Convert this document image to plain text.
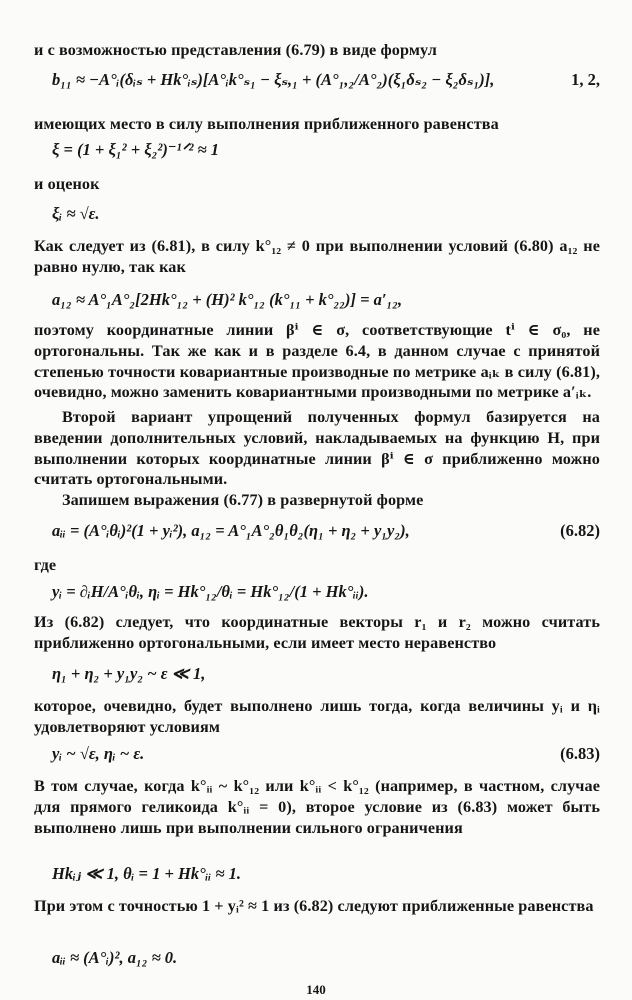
и с возможностью представления (6.79) в виде формул

b₁₁ ≈ −A°ᵢ(δᵢₛ + Hk°ᵢₛ)[A°ᵢk°ₛ₁ − ξₛ,₁ + (A°₁,₂/A°₂)(ξ₁δₛ₂ − ξ₂δₛ₁)],	1, 2,

имеющих место в силу выполнения приближенного равенства

ξ = (1 + ξ₁² + ξ₂²)⁻¹ᐟ² ≈ 1

и оценок

ξᵢ ≈ √ε.

Как следует из (6.81), в силу k°₁₂ ≠ 0 при выполнении условий (6.80) a₁₂ не равно нулю, так как

a₁₂ ≈ A°₁A°₂[2Hk°₁₂ + (H)² k°₁₂ (k°₁₁ + k°₂₂)] = a′₁₂,

поэтому координатные линии βⁱ ∈ σ, соответствующие tⁱ ∈ σ₀, не ортогональны. Так же как и в разделе 6.4, в данном случае с принятой степенью точности ковариантные производные по метрике aᵢₖ в силу (6.81), очевидно, можно заменить ковариантными производными по метрике a′ᵢₖ.

Второй вариант упрощений полученных формул базируется на введении дополнительных условий, накладываемых на функцию H, при выполнении которых координатные линии βⁱ ∈ σ приближенно можно считать ортогональными.

Запишем выражения (6.77) в развернутой форме

aᵢᵢ = (A°ᵢθᵢ)²(1 + yᵢ²), a₁₂ = A°₁A°₂θ₁θ₂(η₁ + η₂ + y₁y₂),	(6.82)

где

yᵢ = ∂ᵢH/A°ᵢθᵢ, ηᵢ = Hk°₁₂/θᵢ = Hk°₁₂/(1 + Hk°ᵢᵢ).

Из (6.82) следует, что координатные векторы r₁ и r₂ можно считать приближенно ортогональными, если имеет место неравенство

η₁ + η₂ + y₁y₂ ~ ε ≪ 1,

которое, очевидно, будет выполнено лишь тогда, когда величины yᵢ и ηᵢ удовлетворяют условиям

yᵢ ~ √ε, ηᵢ ~ ε.	(6.83)

В том случае, когда k°ᵢᵢ ~ k°₁₂ или k°ᵢᵢ < k°₁₂ (например, в частном, случае для прямого геликоида k°ᵢᵢ = 0), второе условие из (6.83) может быть выполнено лишь при выполнении сильного ограничения

Hkᵢⱼ ≪ 1, θᵢ = 1 + Hk°ᵢᵢ ≈ 1.

При этом с точностью 1 + yᵢ² ≈ 1 из (6.82) следуют приближенные равенства

aᵢᵢ ≈ (A°ᵢ)², a₁₂ ≈ 0.
140
